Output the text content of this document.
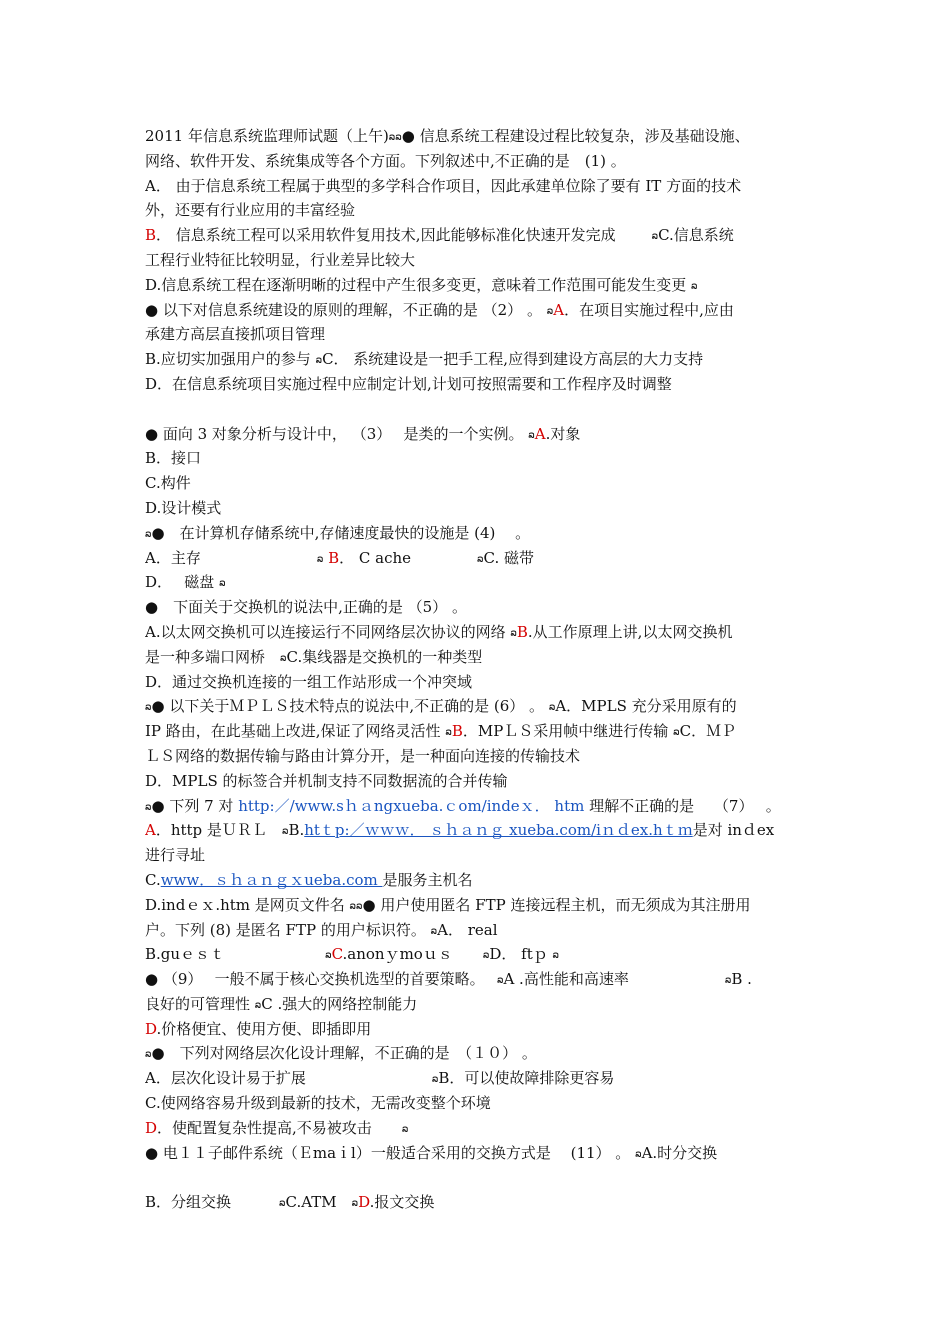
2011 年信息系统监理师试题（上午)ລລ● 信息系统工程建设过程比较复杂，涉及基础设施、
网络、软件开发、系统集成等各个方面。下列叙述中,不正确的是　(1) 。
A． 由于信息系统工程属于典型的多学科合作项目，因此承建单位除了要有 IT 方面的技术
外，还要有行业应用的丰富经验
B． 信息系统工程可以采用软件复用技术,因此能够标准化快速开发完成	ລC.信息系统
工程行业特征比较明显，行业差异比较大
D.信息系统工程在逐渐明晰的过程中产生很多变更，意味着工作范围可能发生变更 ລ
● 以下对信息系统建设的原则的理解，不正确的是 （2） 。 ລA．在项目实施过程中,应由
承建方高层直接抓项目管理
B.应切实加强用户的参与 ລC． 系统建设是一把手工程,应得到建设方高层的大力支持
D．在信息系统项目实施过程中应制定计划,计划可按照需要和工作程序及时调整
● 面向 3 对象分析与设计中， （3）　 是类的一个实例。 ລA.对象
B．接口
C.构件
D.设计模式
ລ●　在计算机存储系统中,存储速度最快的设施是 (4)　 。
A．主存	ລ B． C ache	ລC. 磁带
D．　 磁盘 ລ
●　下面关于交换机的说法中,正确的是 （5） 。
A.以太网交换机可以连接运行不同网络层次协议的网络 ລB.从工作原理上讲,以太网交换机
是一种多端口网桥　ລC.集线器是交换机的一种类型
D．通过交换机连接的一组工作站形成一个冲突域
ລ● 以下关于ＭＰＬＳ技术特点的说法中,不正确的是 (6） 。 ລA．MPLS 充分采用原有的
IP 路由，在此基础上改进,保证了网络灵活性 ລB．MPＬＳ采用帧中继进行传输 ລC．ＭＰ
ＬＳ网络的数据传输与路由计算分开，是一种面向连接的传输技术
D．MPLS 的标签合并机制支持不同数据流的合并传输
ລ● 下列 7 对 http:／/www.sｈａngxueba.ｃom/indeｘ． htm 理解不正确的是　 （7）　 。
A．http 是ＵＲＬ　ລB.htｔp:／ｗｗｗ． ｓｈａｎｇ xueba.com/iｎｄex.hｔｍ是对 inｄex
进行寻址
C.www．ｓｈａｎｇｘueba.com 是服务主机名
D.indｅｘ.htm 是网页文件名 ລລ● 用户使用匿名 FTP 连接远程主机，而无须成为其注册用
户。下列 (8) 是匿名 FTP 的用户标识符。 ລA． real
B.guｅｓｔ	ລC.anonｙmoｕｓ	ລD． ftｐ ລ
● （9）　 一般不属于核心交换机选型的首要策略。　 ລA .高性能和高速率	ລB .
良好的可管理性 ລC .强大的网络控制能力
D.价格便宜、使用方便、即插即用
ລ●　下列对网络层次化设计理解，不正确的是　（１０） 。
A．层次化设计易于扩展	ລB．可以使故障排除更容易
C.使网络容易升级到最新的技术，无需改变整个环境
D．使配置复杂性提高,不易被攻击	ລ
● 电１１子邮件系统（Ｅmaｉl）一般适合采用的交换方式是　 (11） 。 ລA.时分交换
B．分组交换	ລC.ATM　ລD.报文交换
